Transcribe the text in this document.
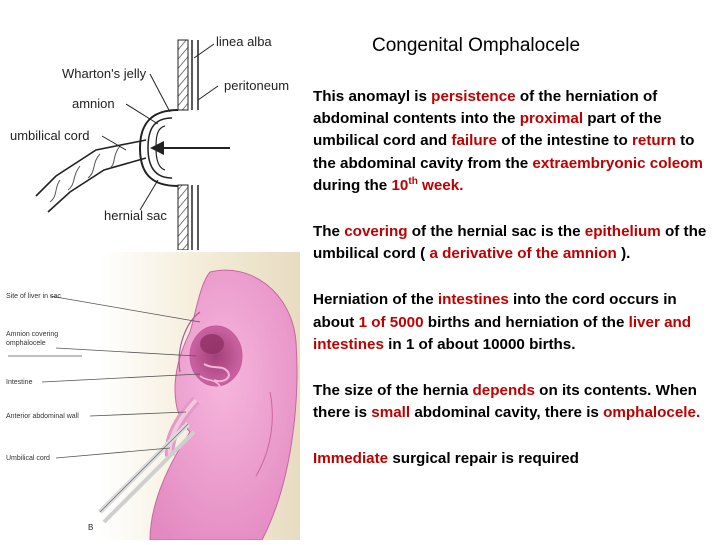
linea alba
Wharton's jelly
peritoneum
amnion
umbilical cord
hernial sac
Site of liver in sac
Amnion covering
omphalocele
Intestine
Anterior abdominal wall
Umbilical cord
B
Congenital Omphalocele

This anomayl is persistence of the herniation of abdominal contents into the proximal part of the umbilical cord and failure of the intestine to return to the abdominal cavity from the extraembryonic coleom during the 10th week.

The covering of the hernial sac is the epithelium of the umbilical cord ( a derivative of the amnion ).

Herniation of the intestines into the cord occurs in about 1 of 5000 births and herniation of the liver and intestines in 1 of about 10000 births.

The size of the hernia depends on its contents. When there is small abdominal cavity, there is omphalocele.

Immediate surgical repair is required
